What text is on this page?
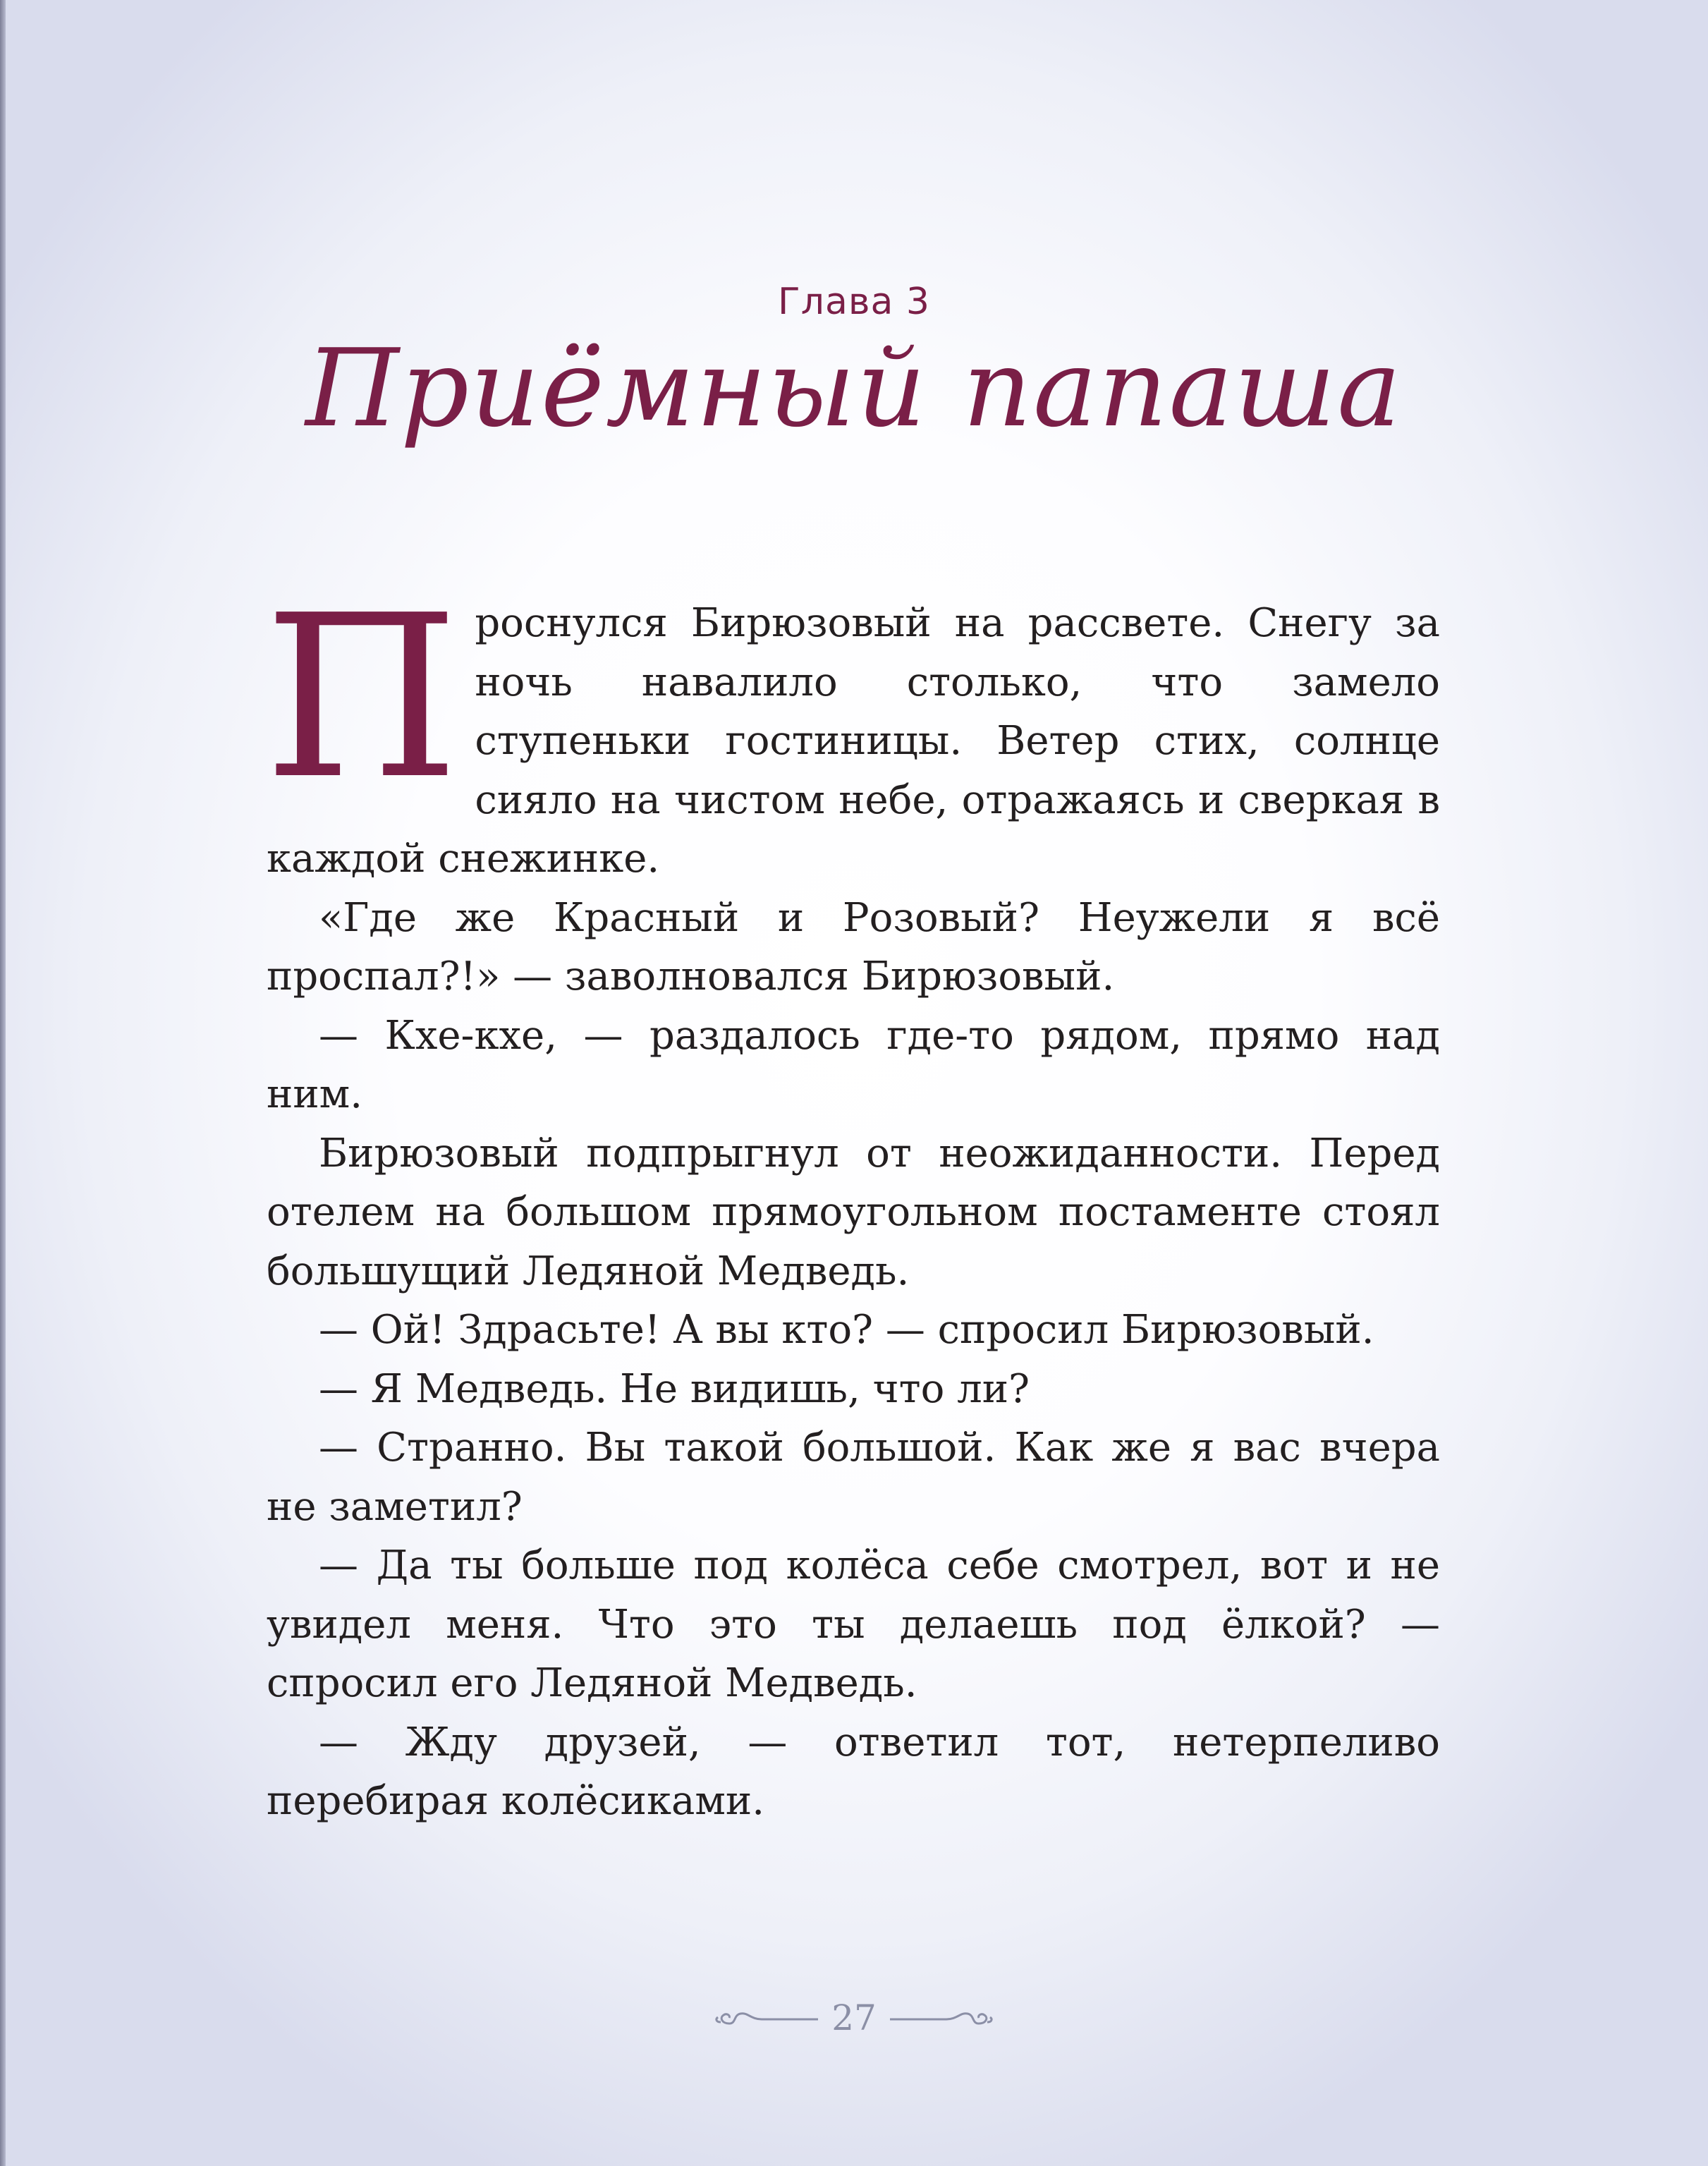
Глава 3
Приёмный папаша

Проснулся Бирюзовый на рассвете. Снегу за ночь навалило столько, что замело ступеньки гостиницы. Ветер стих, солнце сияло на чистом небе, отражаясь и сверкая в каждой снежинке.

«Где же Красный и Розовый? Неужели я всё проспал?!» — заволновался Бирюзовый.

— Кхе-кхе, — раздалось где-то рядом, прямо над ним.

Бирюзовый подпрыгнул от неожиданности. Перед отелем на большом прямоугольном постаменте стоял большущий Ледяной Медведь.

— Ой! Здрасьте! А вы кто? — спросил Бирюзовый.

— Я Медведь. Не видишь, что ли?

— Странно. Вы такой большой. Как же я вас вчера не заметил?

— Да ты больше под колёса себе смотрел, вот и не увидел меня. Что это ты делаешь под ёлкой? — спросил его Ледяной Медведь.

— Жду друзей, — ответил тот, нетерпеливо перебирая колёсиками.

27
